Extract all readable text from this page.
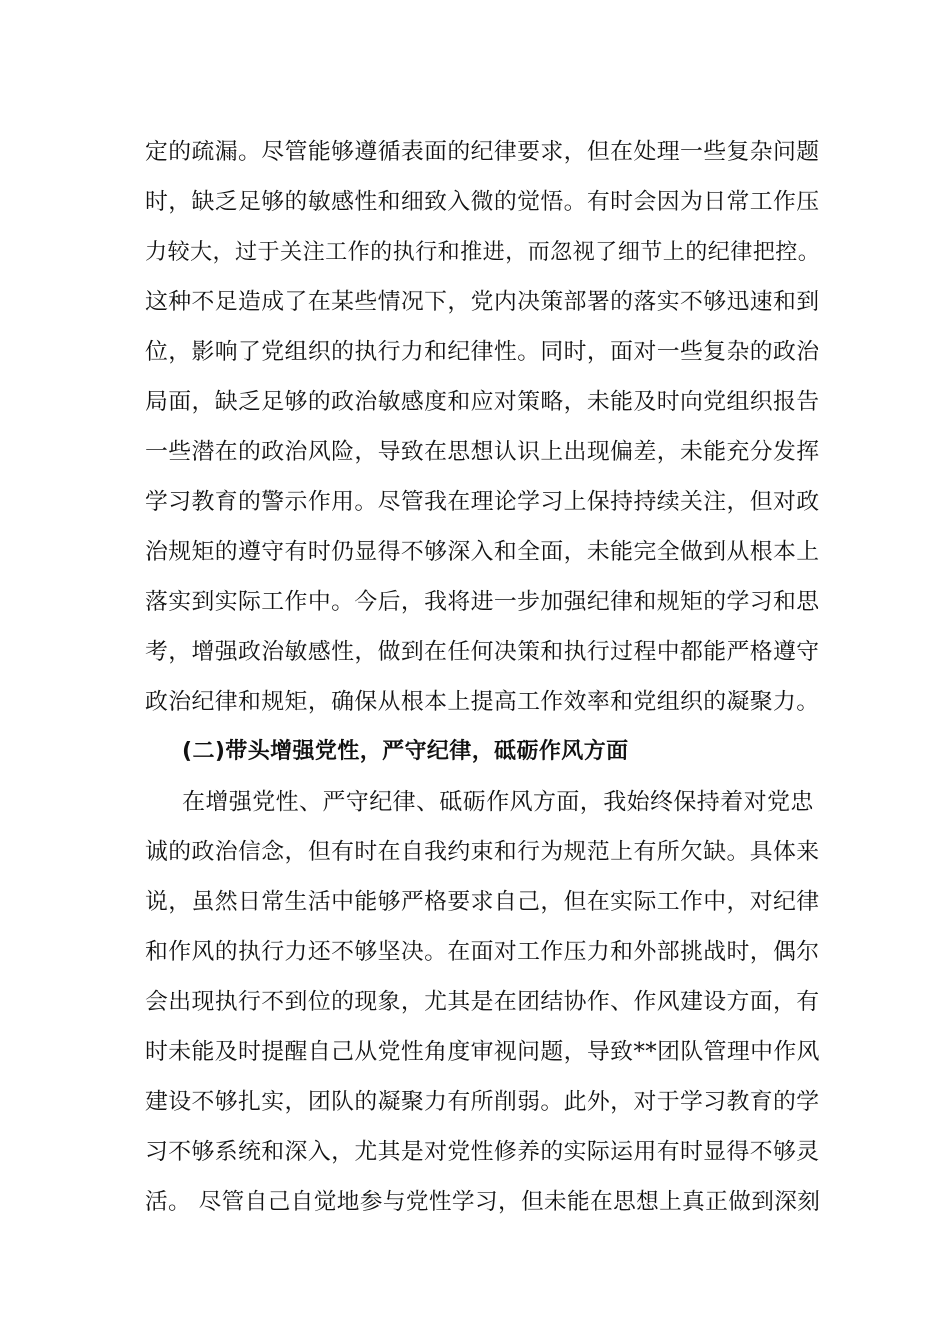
定的疏漏。尽管能够遵循表面的纪律要求，但在处理一些复杂问题
时，缺乏足够的敏感性和细致入微的觉悟。有时会因为日常工作压
力较大，过于关注工作的执行和推进，而忽视了细节上的纪律把控。
这种不足造成了在某些情况下，党内决策部署的落实不够迅速和到
位，影响了党组织的执行力和纪律性。同时，面对一些复杂的政治
局面，缺乏足够的政治敏感度和应对策略，未能及时向党组织报告
一些潜在的政治风险，导致在思想认识上出现偏差，未能充分发挥
学习教育的警示作用。尽管我在理论学习上保持持续关注，但对政
治规矩的遵守有时仍显得不够深入和全面，未能完全做到从根本上
落实到实际工作中。今后，我将进一步加强纪律和规矩的学习和思
考，增强政治敏感性，做到在任何决策和执行过程中都能严格遵守
政治纪律和规矩，确保从根本上提高工作效率和党组织的凝聚力。
(二)带头增强党性，严守纪律，砥砺作风方面
在增强党性、严守纪律、砥砺作风方面，我始终保持着对党忠
诚的政治信念，但有时在自我约束和行为规范上有所欠缺。具体来
说，虽然日常生活中能够严格要求自己，但在实际工作中，对纪律
和作风的执行力还不够坚决。在面对工作压力和外部挑战时，偶尔
会出现执行不到位的现象，尤其是在团结协作、作风建设方面，有
时未能及时提醒自己从党性角度审视问题，导致**团队管理中作风
建设不够扎实，团队的凝聚力有所削弱。此外，对于学习教育的学
习不够系统和深入，尤其是对党性修养的实际运用有时显得不够灵
活。 尽管自己自觉地参与党性学习，但未能在思想上真正做到深刻
